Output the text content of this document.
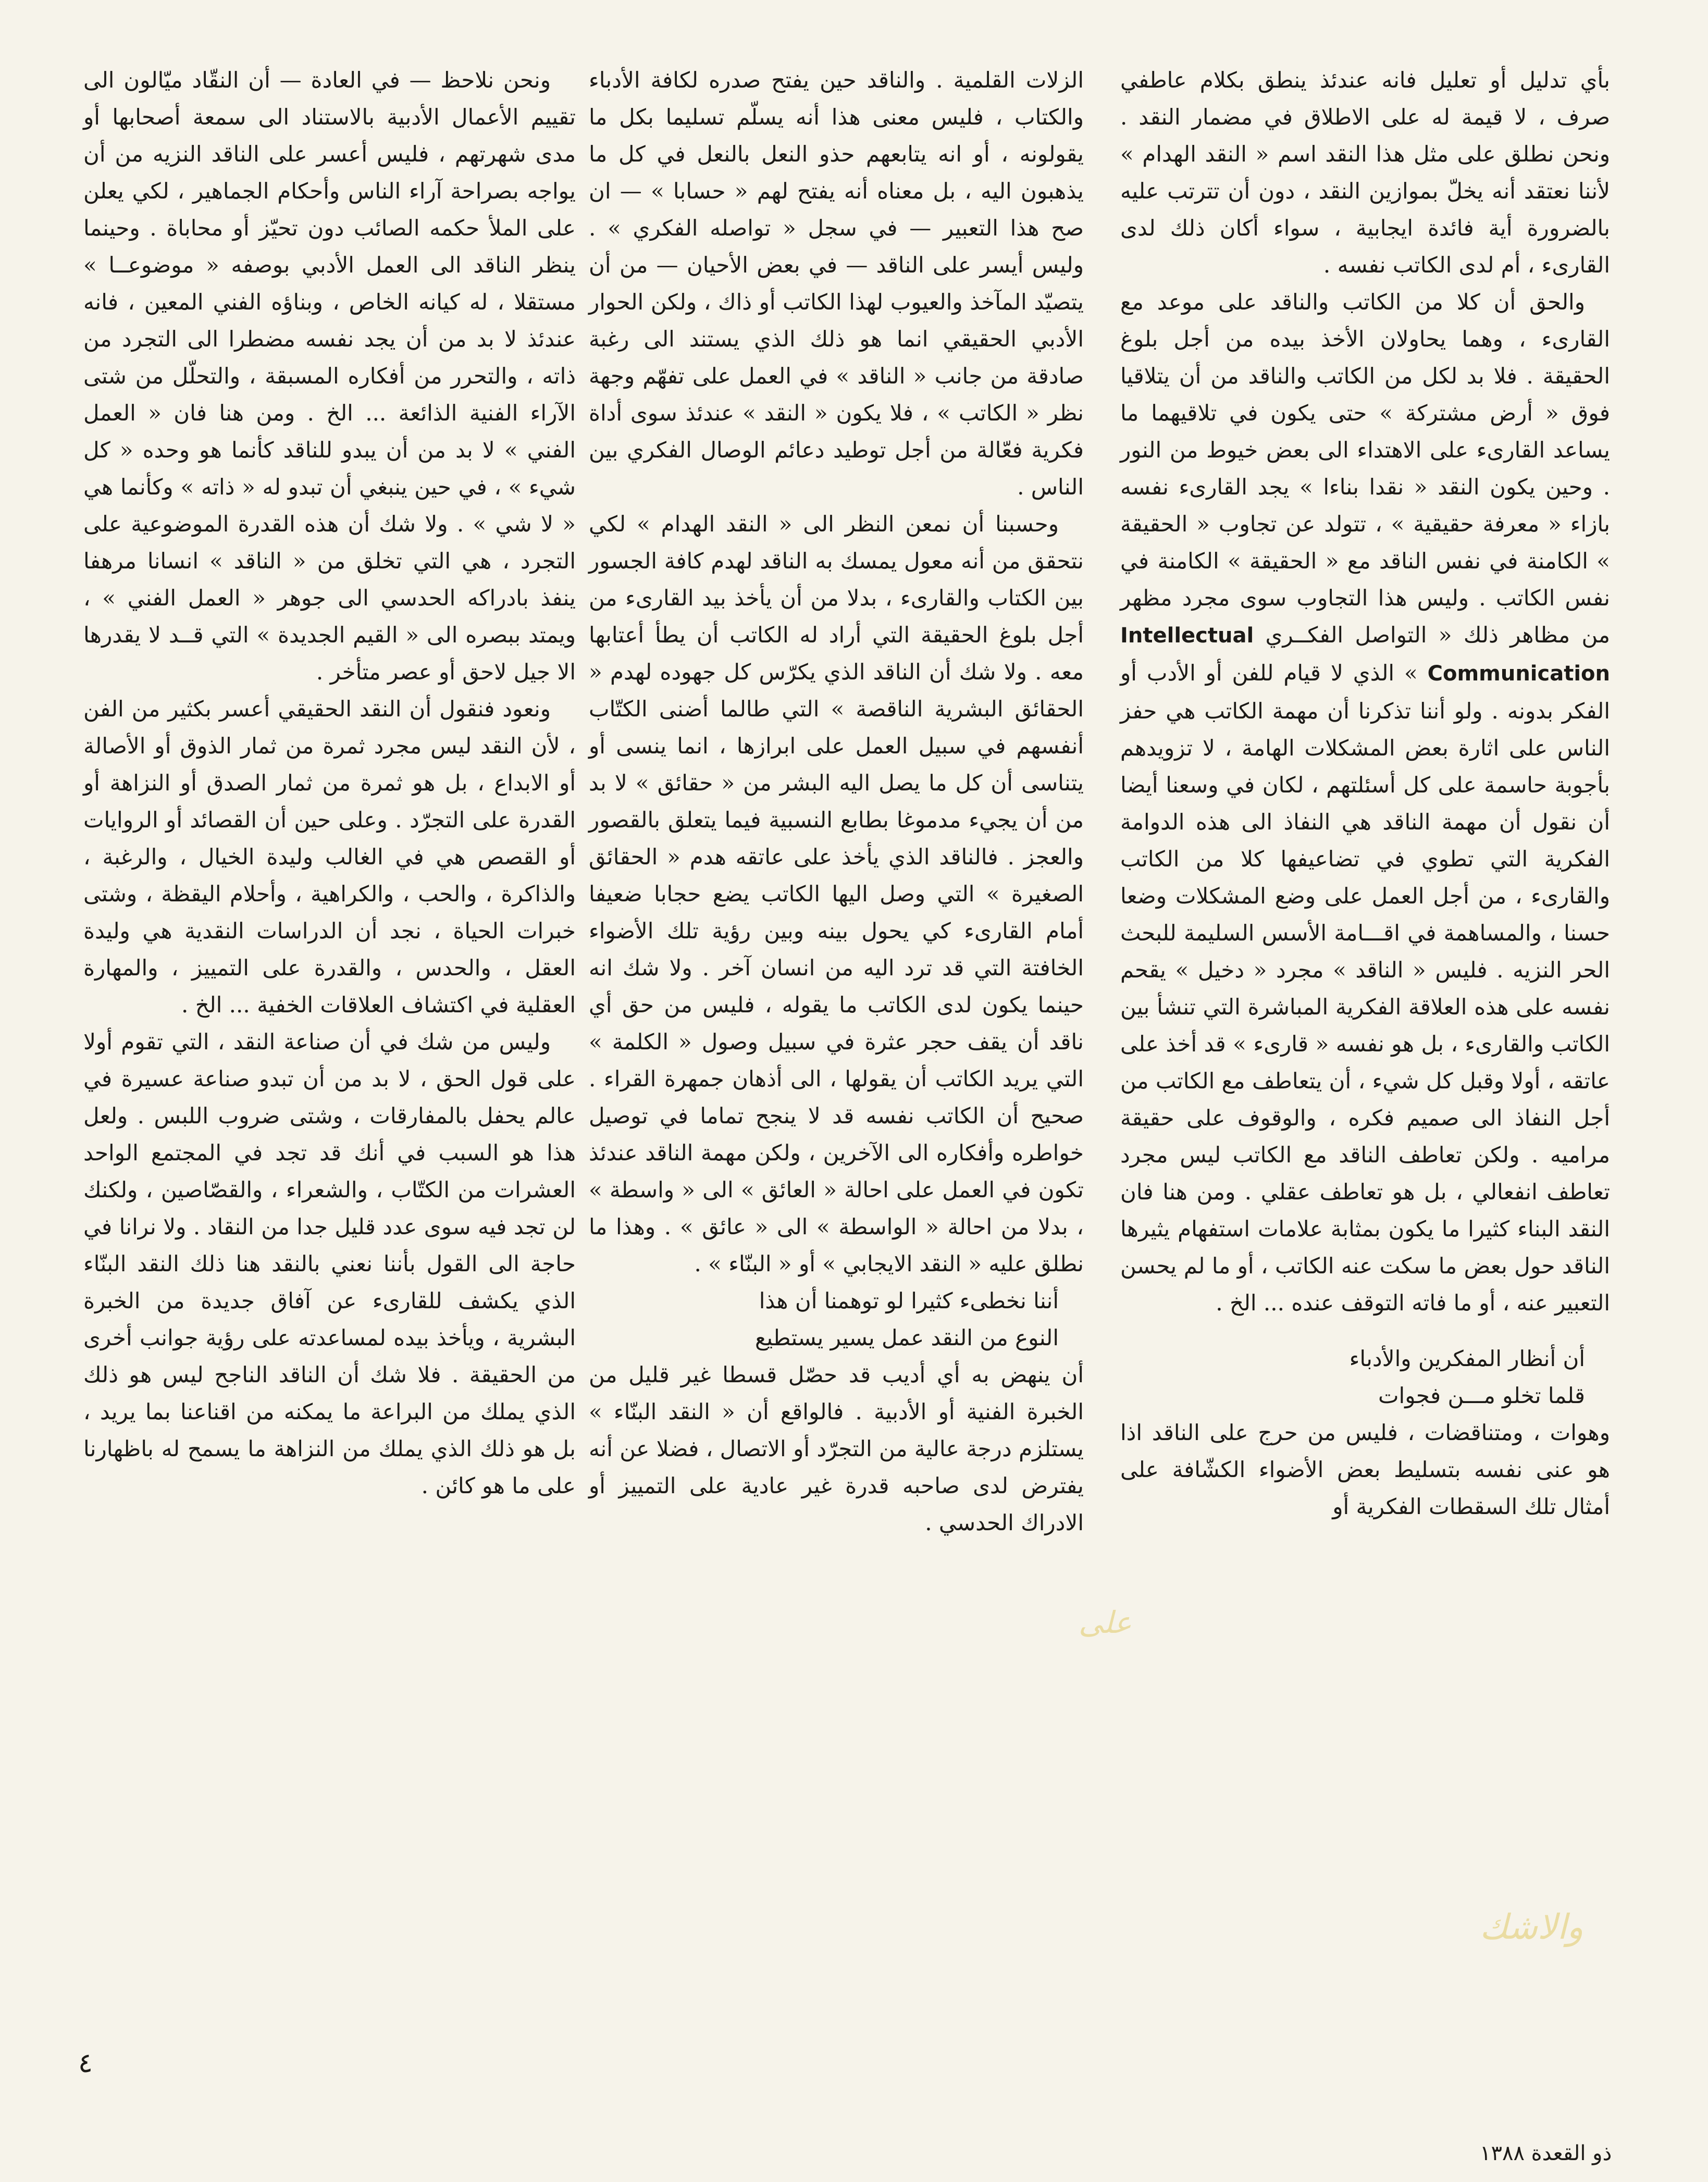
بأي تدليل أو تعليل فانه عندئذ ينطق بكلام عاطفي صرف ، لا قيمة له على الاطلاق في مضمار النقد . ونحن نطلق على مثل هذا النقد اسم « النقد الهدام » لأننا نعتقد أنه يخلّ بموازين النقد ، دون أن تترتب عليه بالضرورة أية فائدة ايجابية ، سواء أكان ذلك لدى القارىء ، أم لدى الكاتب نفسه .

والحق أن كلا من الكاتب والناقد على موعد مع القارىء ، وهما يحاولان الأخذ بيده من أجل بلوغ الحقيقة . فلا بد لكل من الكاتب والناقد من أن يتلاقيا فوق « أرض مشتركة » حتى يكون في تلاقيهما ما يساعد القارىء على الاهتداء الى بعض خيوط من النور . وحين يكون النقد « نقدا بناءا » يجد القارىء نفسه بازاء « معرفة حقيقية » ، تتولد عن تجاوب « الحقيقة » الكامنة في نفس الناقد مع « الحقيقة » الكامنة في نفس الكاتب . وليس هذا التجاوب سوى مجرد مظهر من مظاهر ذلك « التواصل الفكــري Intellectual Communication » الذي لا قيام للفن أو الأدب أو الفكر بدونه . ولو أننا تذكرنا أن مهمة الكاتب هي حفز الناس على اثارة بعض المشكلات الهامة ، لا تزويدهم بأجوبة حاسمة على كل أسئلتهم ، لكان في وسعنا أيضا أن نقول أن مهمة الناقد هي النفاذ الى هذه الدوامة الفكرية التي تطوي في تضاعيفها كلا من الكاتب والقارىء ، من أجل العمل على وضع المشكلات وضعا حسنا ، والمساهمة في اقـــامة الأسس السليمة للبحث الحر النزيه . فليس « الناقد » مجرد « دخيل » يقحم نفسه على هذه العلاقة الفكرية المباشرة التي تنشأ بين الكاتب والقارىء ، بل هو نفسه « قارىء » قد أخذ على عاتقه ، أولا وقبل كل شيء ، أن يتعاطف مع الكاتب من أجل النفاذ الى صميم فكره ، والوقوف على حقيقة مراميه . ولكن تعاطف الناقد مع الكاتب ليس مجرد تعاطف انفعالي ، بل هو تعاطف عقلي . ومن هنا فان النقد البناء كثيرا ما يكون بمثابة علامات استفهام يثيرها الناقد حول بعض ما سكت عنه الكاتب ، أو ما لم يحسن التعبير عنه ، أو ما فاته التوقف عنده ... الخ .

أن أنظار المفكرين والأدباء

قلما تخلو مـــن فجوات

وهوات ، ومتناقضات ، فليس من حرج على الناقد اذا هو عنى نفسه بتسليط بعض الأضواء الكشّافة على أمثال تلك السقطات الفكرية أو

الزلات القلمية . والناقد حين يفتح صدره لكافة الأدباء والكتاب ، فليس معنى هذا أنه يسلّم تسليما بكل ما يقولونه ، أو انه يتابعهم حذو النعل بالنعل في كل ما يذهبون اليه ، بل معناه أنه يفتح لهم « حسابا » — ان صح هذا التعبير — في سجل « تواصله الفكري » . وليس أيسر على الناقد — في بعض الأحيان — من أن يتصيّد المآخذ والعيوب لهذا الكاتب أو ذاك ، ولكن الحوار الأدبي الحقيقي انما هو ذلك الذي يستند الى رغبة صادقة من جانب « الناقد » في العمل على تفهّم وجهة نظر « الكاتب » ، فلا يكون « النقد » عندئذ سوى أداة فكرية فعّالة من أجل توطيد دعائم الوصال الفكري بين الناس .

وحسبنا أن نمعن النظر الى « النقد الهدام » لكي نتحقق من أنه معول يمسك به الناقد لهدم كافة الجسور بين الكتاب والقارىء ، بدلا من أن يأخذ بيد القارىء من أجل بلوغ الحقيقة التي أراد له الكاتب أن يطأ أعتابها معه . ولا شك أن الناقد الذي يكرّس كل جهوده لهدم « الحقائق البشرية الناقصة » التي طالما أضنى الكتّاب أنفسهم في سبيل العمل على ابرازها ، انما ينسى أو يتناسى أن كل ما يصل اليه البشر من « حقائق » لا بد من أن يجيء مدموغا بطابع النسبية فيما يتعلق بالقصور والعجز . فالناقد الذي يأخذ على عاتقه هدم « الحقائق الصغيرة » التي وصل اليها الكاتب يضع حجابا ضعيفا أمام القارىء كي يحول بينه وبين رؤية تلك الأضواء الخافتة التي قد ترد اليه من انسان آخر . ولا شك انه حينما يكون لدى الكاتب ما يقوله ، فليس من حق أي ناقد أن يقف حجر عثرة في سبيل وصول « الكلمة » التي يريد الكاتب أن يقولها ، الى أذهان جمهرة القراء . صحيح أن الكاتب نفسه قد لا ينجح تماما في توصيل خواطره وأفكاره الى الآخرين ، ولكن مهمة الناقد عندئذ تكون في العمل على احالة « العائق » الى « واسطة » ، بدلا من احالة « الواسطة » الى « عائق » . وهذا ما نطلق عليه « النقد الايجابي » أو « البنّاء » .

أننا نخطىء كثيرا لو توهمنا أن هذا

النوع من النقد عمل يسير يستطيع

أن ينهض به أي أديب قد حصّل قسطا غير قليل من الخبرة الفنية أو الأدبية . فالواقع أن « النقد البنّاء » يستلزم درجة عالية من التجرّد أو الاتصال ، فضلا عن أنه يفترض لدى صاحبه قدرة غير عادية على التمييز أو الادراك الحدسي .

ونحن نلاحظ — في العادة — أن النقّاد ميّالون الى تقييم الأعمال الأدبية بالاستناد الى سمعة أصحابها أو مدى شهرتهم ، فليس أعسر على الناقد النزيه من أن يواجه بصراحة آراء الناس وأحكام الجماهير ، لكي يعلن على الملأ حكمه الصائب دون تحيّز أو محاباة . وحينما ينظر الناقد الى العمل الأدبي بوصفه « موضوعــا » مستقلا ، له كيانه الخاص ، وبناؤه الفني المعين ، فانه عندئذ لا بد من أن يجد نفسه مضطرا الى التجرد من ذاته ، والتحرر من أفكاره المسبقة ، والتحلّل من شتى الآراء الفنية الذائعة ... الخ . ومن هنا فان « العمل الفني » لا بد من أن يبدو للناقد كأنما هو وحده « كل شيء » ، في حين ينبغي أن تبدو له « ذاته » وكأنما هي « لا شي » . ولا شك أن هذه القدرة الموضوعية على التجرد ، هي التي تخلق من « الناقد » انسانا مرهفا ينفذ بادراكه الحدسي الى جوهر « العمل الفني » ، ويمتد ببصره الى « القيم الجديدة » التي قــد لا يقدرها الا جيل لاحق أو عصر متأخر .

ونعود فنقول أن النقد الحقيقي أعسر بكثير من الفن ، لأن النقد ليس مجرد ثمرة من ثمار الذوق أو الأصالة أو الابداع ، بل هو ثمرة من ثمار الصدق أو النزاهة أو القدرة على التجرّد . وعلى حين أن القصائد أو الروايات أو القصص هي في الغالب وليدة الخيال ، والرغبة ، والذاكرة ، والحب ، والكراهية ، وأحلام اليقظة ، وشتى خبرات الحياة ، نجد أن الدراسات النقدية هي وليدة العقل ، والحدس ، والقدرة على التمييز ، والمهارة العقلية في اكتشاف العلاقات الخفية ... الخ .

وليس من شك في أن صناعة النقد ، التي تقوم أولا على قول الحق ، لا بد من أن تبدو صناعة عسيرة في عالم يحفل بالمفارقات ، وشتى ضروب اللبس . ولعل هذا هو السبب في أنك قد تجد في المجتمع الواحد العشرات من الكتّاب ، والشعراء ، والقصّاصين ، ولكنك لن تجد فيه سوى عدد قليل جدا من النقاد . ولا نرانا في حاجة الى القول بأننا نعني بالنقد هنا ذلك النقد البنّاء الذي يكشف للقارىء عن آفاق جديدة من الخبرة البشرية ، ويأخذ بيده لمساعدته على رؤية جوانب أخرى من الحقيقة . فلا شك أن الناقد الناجح ليس هو ذلك الذي يملك من البراعة ما يمكنه من اقناعنا بما يريد ، بل هو ذلك الذي يملك من النزاهة ما يسمح له باظهارنا على ما هو كائن .

على
والاشك
٤
ذو القعدة ١٣٨٨
